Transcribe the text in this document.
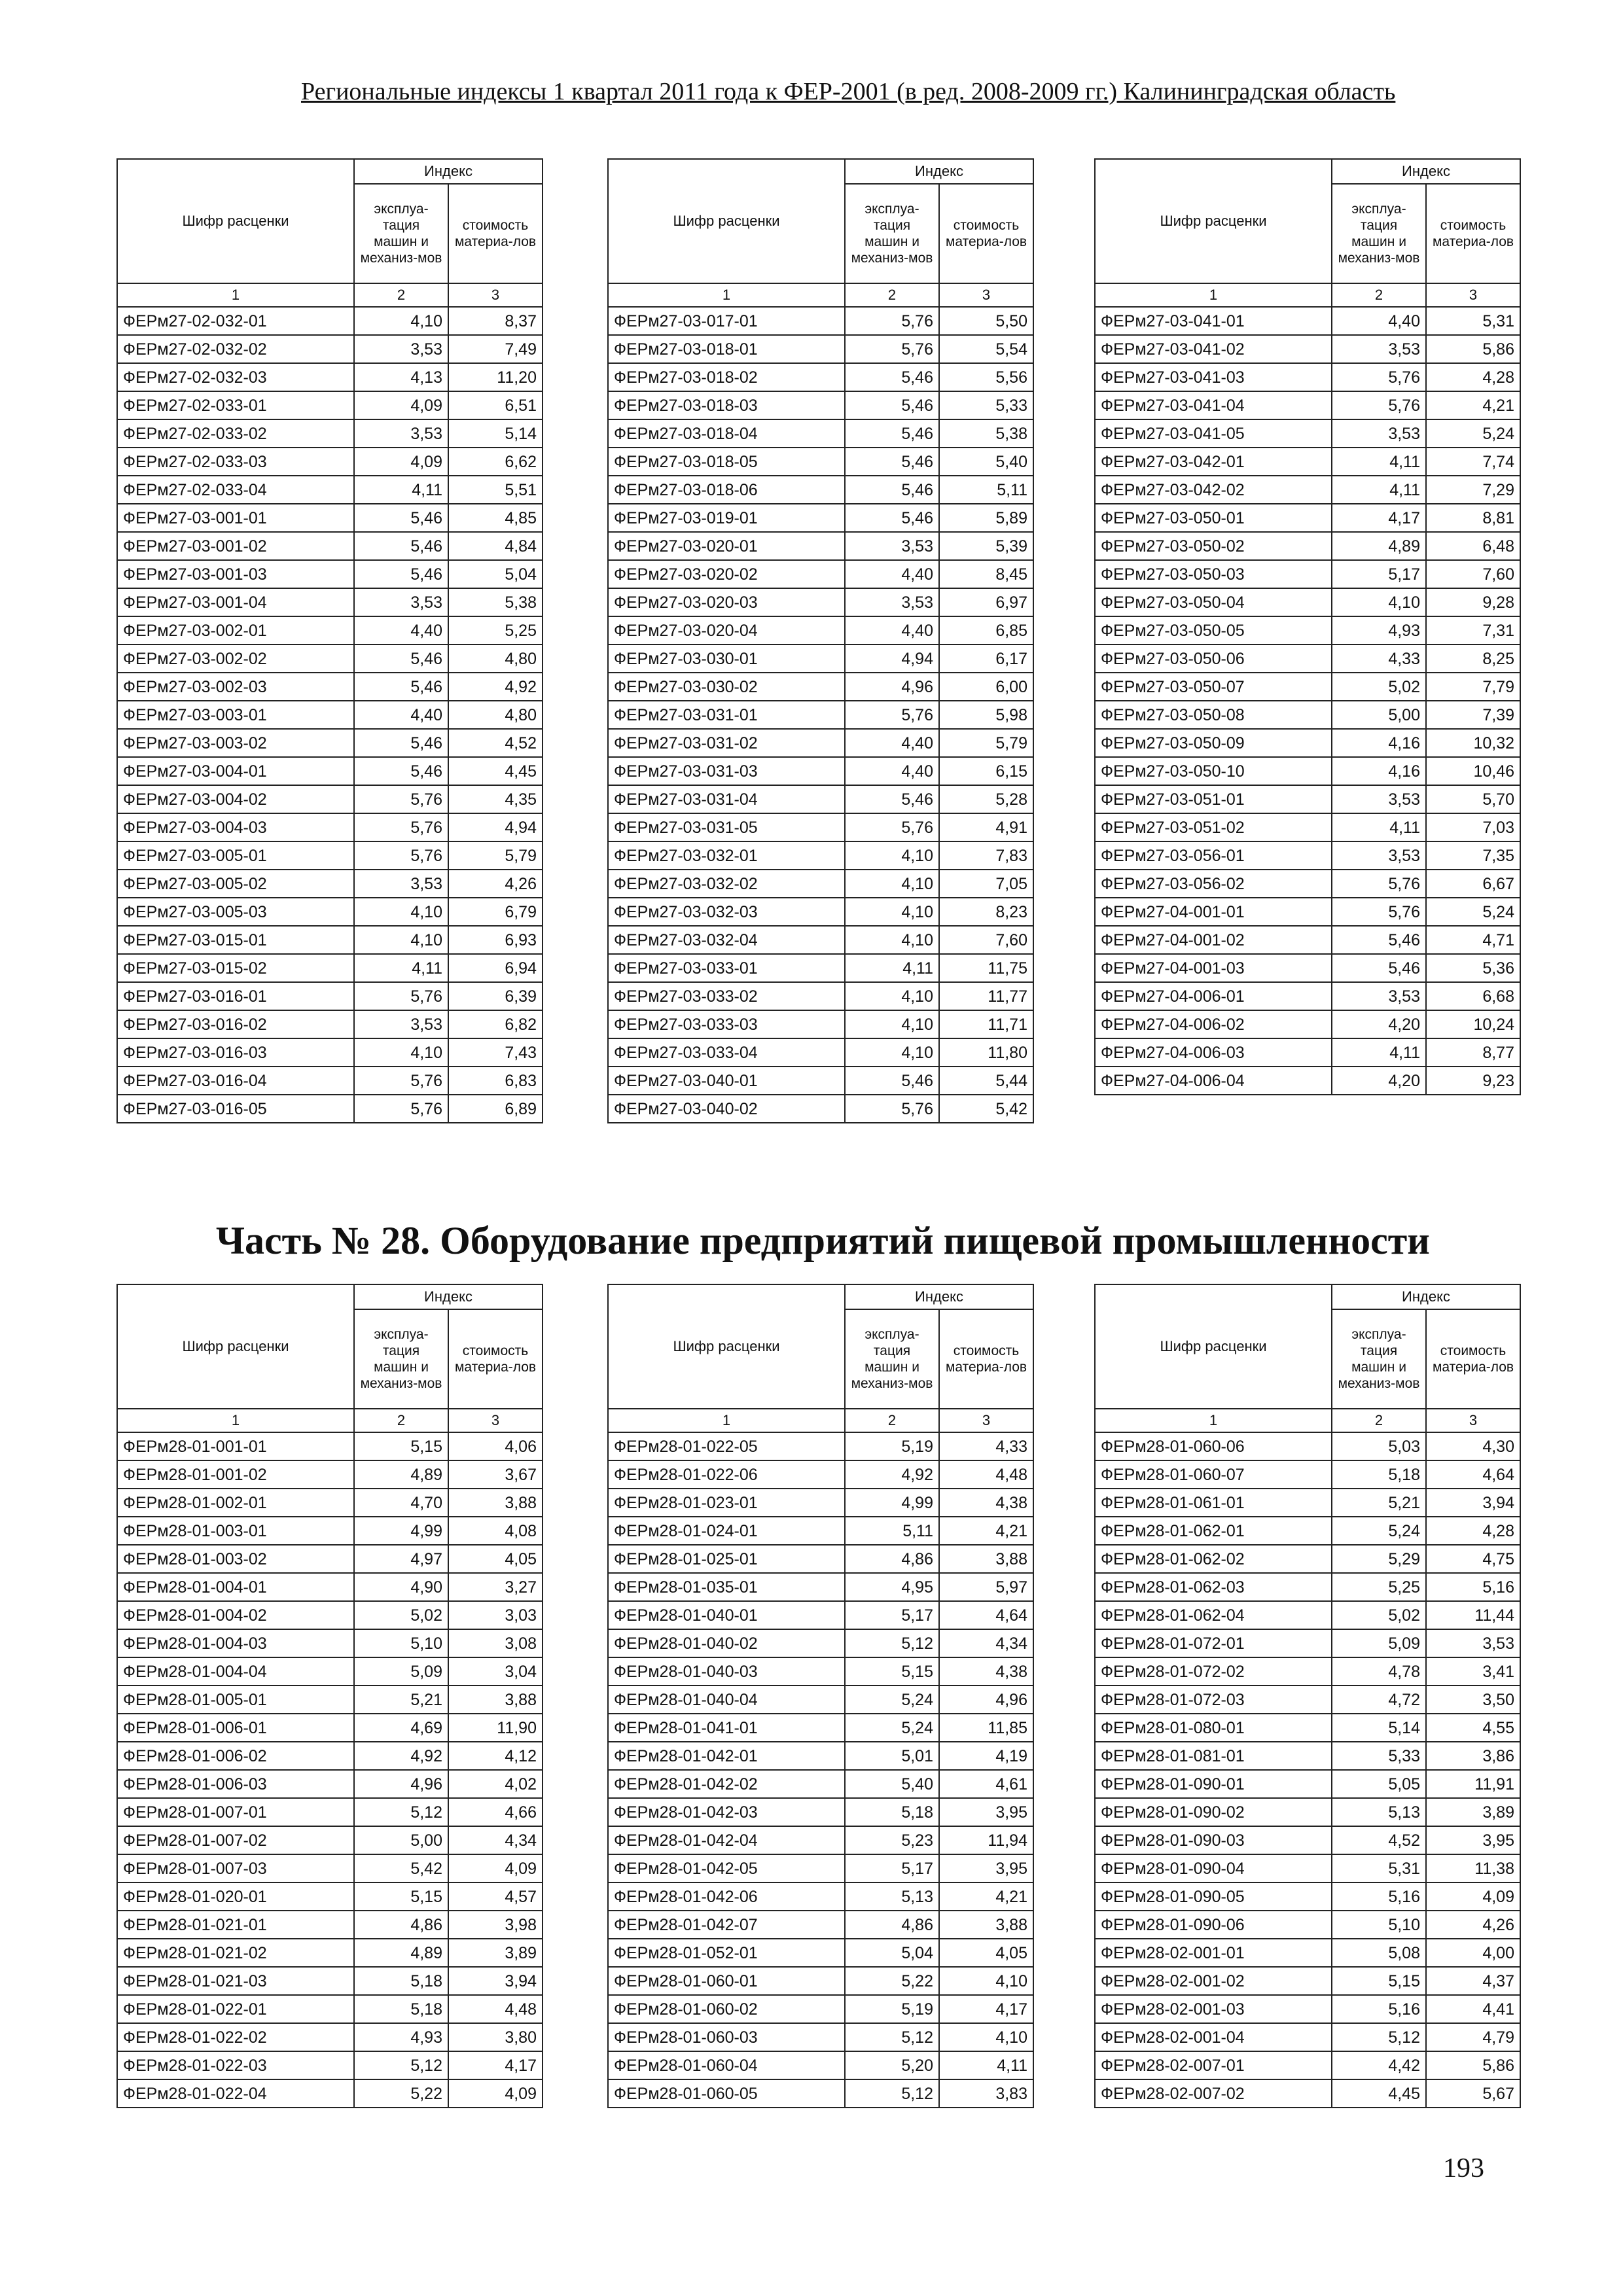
Региональные индексы 1 квартал 2011 года к ФЕР-2001 (в ред. 2008-2009 гг.) Калининградская область
Часть № 28. Оборудование предприятий пищевой промышленности
193
Шифр расценки	Индекс	
	эксплуа-тация машин и механиз-мов	стоимость материа-лов
1	2	3
ФЕРм27-02-032-01	4,10	8,37
ФЕРм27-02-032-02	3,53	7,49
ФЕРм27-02-032-03	4,13	11,20
ФЕРм27-02-033-01	4,09	6,51
ФЕРм27-02-033-02	3,53	5,14
ФЕРм27-02-033-03	4,09	6,62
ФЕРм27-02-033-04	4,11	5,51
ФЕРм27-03-001-01	5,46	4,85
ФЕРм27-03-001-02	5,46	4,84
ФЕРм27-03-001-03	5,46	5,04
ФЕРм27-03-001-04	3,53	5,38
ФЕРм27-03-002-01	4,40	5,25
ФЕРм27-03-002-02	5,46	4,80
ФЕРм27-03-002-03	5,46	4,92
ФЕРм27-03-003-01	4,40	4,80
ФЕРм27-03-003-02	5,46	4,52
ФЕРм27-03-004-01	5,46	4,45
ФЕРм27-03-004-02	5,76	4,35
ФЕРм27-03-004-03	5,76	4,94
ФЕРм27-03-005-01	5,76	5,79
ФЕРм27-03-005-02	3,53	4,26
ФЕРм27-03-005-03	4,10	6,79
ФЕРм27-03-015-01	4,10	6,93
ФЕРм27-03-015-02	4,11	6,94
ФЕРм27-03-016-01	5,76	6,39
ФЕРм27-03-016-02	3,53	6,82
ФЕРм27-03-016-03	4,10	7,43
ФЕРм27-03-016-04	5,76	6,83
ФЕРм27-03-016-05	5,76	6,89
Шифр расценки	Индекс	
	эксплуа-тация машин и механиз-мов	стоимость материа-лов
1	2	3
ФЕРм27-03-017-01	5,76	5,50
ФЕРм27-03-018-01	5,76	5,54
ФЕРм27-03-018-02	5,46	5,56
ФЕРм27-03-018-03	5,46	5,33
ФЕРм27-03-018-04	5,46	5,38
ФЕРм27-03-018-05	5,46	5,40
ФЕРм27-03-018-06	5,46	5,11
ФЕРм27-03-019-01	5,46	5,89
ФЕРм27-03-020-01	3,53	5,39
ФЕРм27-03-020-02	4,40	8,45
ФЕРм27-03-020-03	3,53	6,97
ФЕРм27-03-020-04	4,40	6,85
ФЕРм27-03-030-01	4,94	6,17
ФЕРм27-03-030-02	4,96	6,00
ФЕРм27-03-031-01	5,76	5,98
ФЕРм27-03-031-02	4,40	5,79
ФЕРм27-03-031-03	4,40	6,15
ФЕРм27-03-031-04	5,46	5,28
ФЕРм27-03-031-05	5,76	4,91
ФЕРм27-03-032-01	4,10	7,83
ФЕРм27-03-032-02	4,10	7,05
ФЕРм27-03-032-03	4,10	8,23
ФЕРм27-03-032-04	4,10	7,60
ФЕРм27-03-033-01	4,11	11,75
ФЕРм27-03-033-02	4,10	11,77
ФЕРм27-03-033-03	4,10	11,71
ФЕРм27-03-033-04	4,10	11,80
ФЕРм27-03-040-01	5,46	5,44
ФЕРм27-03-040-02	5,76	5,42
Шифр расценки	Индекс	
	эксплуа-тация машин и механиз-мов	стоимость материа-лов
1	2	3
ФЕРм27-03-041-01	4,40	5,31
ФЕРм27-03-041-02	3,53	5,86
ФЕРм27-03-041-03	5,76	4,28
ФЕРм27-03-041-04	5,76	4,21
ФЕРм27-03-041-05	3,53	5,24
ФЕРм27-03-042-01	4,11	7,74
ФЕРм27-03-042-02	4,11	7,29
ФЕРм27-03-050-01	4,17	8,81
ФЕРм27-03-050-02	4,89	6,48
ФЕРм27-03-050-03	5,17	7,60
ФЕРм27-03-050-04	4,10	9,28
ФЕРм27-03-050-05	4,93	7,31
ФЕРм27-03-050-06	4,33	8,25
ФЕРм27-03-050-07	5,02	7,79
ФЕРм27-03-050-08	5,00	7,39
ФЕРм27-03-050-09	4,16	10,32
ФЕРм27-03-050-10	4,16	10,46
ФЕРм27-03-051-01	3,53	5,70
ФЕРм27-03-051-02	4,11	7,03
ФЕРм27-03-056-01	3,53	7,35
ФЕРм27-03-056-02	5,76	6,67
ФЕРм27-04-001-01	5,76	5,24
ФЕРм27-04-001-02	5,46	4,71
ФЕРм27-04-001-03	5,46	5,36
ФЕРм27-04-006-01	3,53	6,68
ФЕРм27-04-006-02	4,20	10,24
ФЕРм27-04-006-03	4,11	8,77
ФЕРм27-04-006-04	4,20	9,23
Шифр расценки	Индекс	
	эксплуа-тация машин и механиз-мов	стоимость материа-лов
1	2	3
ФЕРм28-01-001-01	5,15	4,06
ФЕРм28-01-001-02	4,89	3,67
ФЕРм28-01-002-01	4,70	3,88
ФЕРм28-01-003-01	4,99	4,08
ФЕРм28-01-003-02	4,97	4,05
ФЕРм28-01-004-01	4,90	3,27
ФЕРм28-01-004-02	5,02	3,03
ФЕРм28-01-004-03	5,10	3,08
ФЕРм28-01-004-04	5,09	3,04
ФЕРм28-01-005-01	5,21	3,88
ФЕРм28-01-006-01	4,69	11,90
ФЕРм28-01-006-02	4,92	4,12
ФЕРм28-01-006-03	4,96	4,02
ФЕРм28-01-007-01	5,12	4,66
ФЕРм28-01-007-02	5,00	4,34
ФЕРм28-01-007-03	5,42	4,09
ФЕРм28-01-020-01	5,15	4,57
ФЕРм28-01-021-01	4,86	3,98
ФЕРм28-01-021-02	4,89	3,89
ФЕРм28-01-021-03	5,18	3,94
ФЕРм28-01-022-01	5,18	4,48
ФЕРм28-01-022-02	4,93	3,80
ФЕРм28-01-022-03	5,12	4,17
ФЕРм28-01-022-04	5,22	4,09
Шифр расценки	Индекс	
	эксплуа-тация машин и механиз-мов	стоимость материа-лов
1	2	3
ФЕРм28-01-022-05	5,19	4,33
ФЕРм28-01-022-06	4,92	4,48
ФЕРм28-01-023-01	4,99	4,38
ФЕРм28-01-024-01	5,11	4,21
ФЕРм28-01-025-01	4,86	3,88
ФЕРм28-01-035-01	4,95	5,97
ФЕРм28-01-040-01	5,17	4,64
ФЕРм28-01-040-02	5,12	4,34
ФЕРм28-01-040-03	5,15	4,38
ФЕРм28-01-040-04	5,24	4,96
ФЕРм28-01-041-01	5,24	11,85
ФЕРм28-01-042-01	5,01	4,19
ФЕРм28-01-042-02	5,40	4,61
ФЕРм28-01-042-03	5,18	3,95
ФЕРм28-01-042-04	5,23	11,94
ФЕРм28-01-042-05	5,17	3,95
ФЕРм28-01-042-06	5,13	4,21
ФЕРм28-01-042-07	4,86	3,88
ФЕРм28-01-052-01	5,04	4,05
ФЕРм28-01-060-01	5,22	4,10
ФЕРм28-01-060-02	5,19	4,17
ФЕРм28-01-060-03	5,12	4,10
ФЕРм28-01-060-04	5,20	4,11
ФЕРм28-01-060-05	5,12	3,83
Шифр расценки	Индекс	
	эксплуа-тация машин и механиз-мов	стоимость материа-лов
1	2	3
ФЕРм28-01-060-06	5,03	4,30
ФЕРм28-01-060-07	5,18	4,64
ФЕРм28-01-061-01	5,21	3,94
ФЕРм28-01-062-01	5,24	4,28
ФЕРм28-01-062-02	5,29	4,75
ФЕРм28-01-062-03	5,25	5,16
ФЕРм28-01-062-04	5,02	11,44
ФЕРм28-01-072-01	5,09	3,53
ФЕРм28-01-072-02	4,78	3,41
ФЕРм28-01-072-03	4,72	3,50
ФЕРм28-01-080-01	5,14	4,55
ФЕРм28-01-081-01	5,33	3,86
ФЕРм28-01-090-01	5,05	11,91
ФЕРм28-01-090-02	5,13	3,89
ФЕРм28-01-090-03	4,52	3,95
ФЕРм28-01-090-04	5,31	11,38
ФЕРм28-01-090-05	5,16	4,09
ФЕРм28-01-090-06	5,10	4,26
ФЕРм28-02-001-01	5,08	4,00
ФЕРм28-02-001-02	5,15	4,37
ФЕРм28-02-001-03	5,16	4,41
ФЕРм28-02-001-04	5,12	4,79
ФЕРм28-02-007-01	4,42	5,86
ФЕРм28-02-007-02	4,45	5,67
